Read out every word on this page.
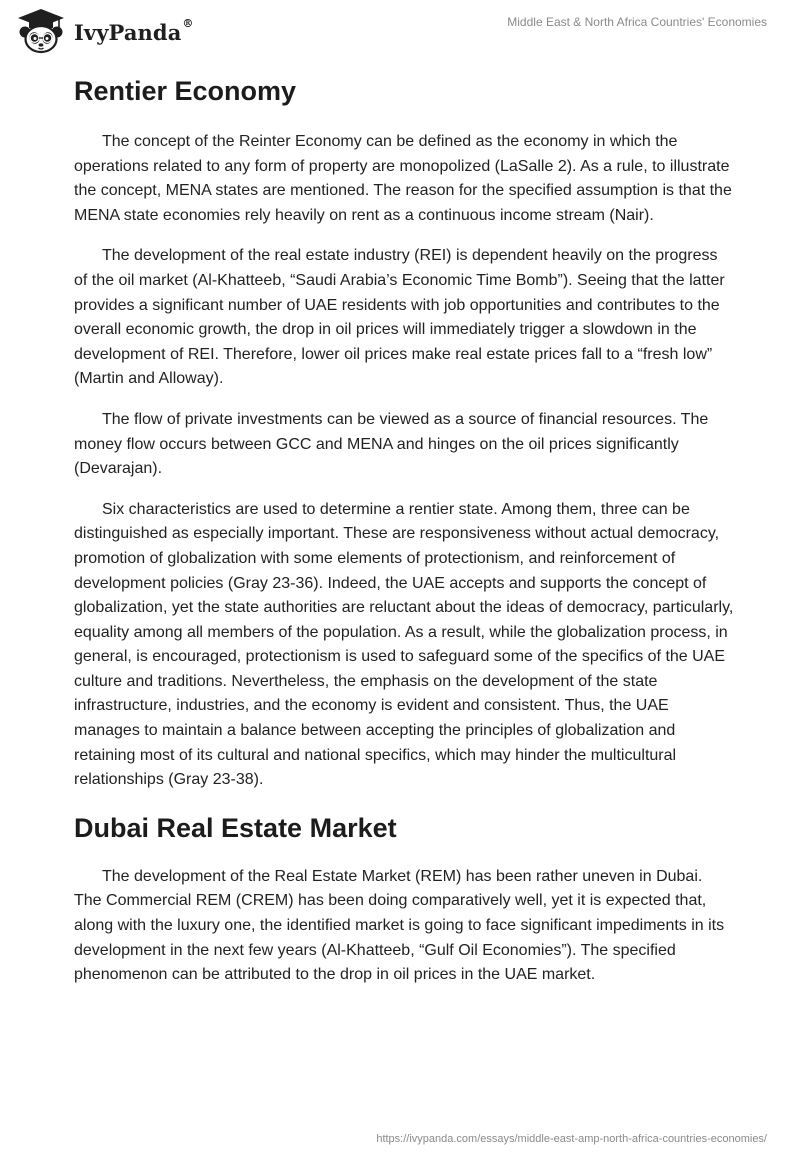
IvyPanda®	Middle East & North Africa Countries' Economies
Rentier Economy

The concept of the Reinter Economy can be defined as the economy in which the operations related to any form of property are monopolized (LaSalle 2). As a rule, to illustrate the concept, MENA states are mentioned. The reason for the specified assumption is that the MENA state economies rely heavily on rent as a continuous income stream (Nair).

The development of the real estate industry (REI) is dependent heavily on the progress of the oil market (Al-Khatteeb, “Saudi Arabia’s Economic Time Bomb”). Seeing that the latter provides a significant number of UAE residents with job opportunities and contributes to the overall economic growth, the drop in oil prices will immediately trigger a slowdown in the development of REI. Therefore, lower oil prices make real estate prices fall to a “fresh low” (Martin and Alloway).

The flow of private investments can be viewed as a source of financial resources. The money flow occurs between GCC and MENA and hinges on the oil prices significantly (Devarajan).

Six characteristics are used to determine a rentier state. Among them, three can be distinguished as especially important. These are responsiveness without actual democracy, promotion of globalization with some elements of protectionism, and reinforcement of development policies (Gray 23-36). Indeed, the UAE accepts and supports the concept of globalization, yet the state authorities are reluctant about the ideas of democracy, particularly, equality among all members of the population. As a result, while the globalization process, in general, is encouraged, protectionism is used to safeguard some of the specifics of the UAE culture and traditions. Nevertheless, the emphasis on the development of the state infrastructure, industries, and the economy is evident and consistent. Thus, the UAE manages to maintain a balance between accepting the principles of globalization and retaining most of its cultural and national specifics, which may hinder the multicultural relationships (Gray 23-38).

Dubai Real Estate Market

The development of the Real Estate Market (REM) has been rather uneven in Dubai. The Commercial REM (CREM) has been doing comparatively well, yet it is expected that, along with the luxury one, the identified market is going to face significant impediments in its development in the next few years (Al-Khatteeb, “Gulf Oil Economies”). The specified phenomenon can be attributed to the drop in oil prices in the UAE market.

https://ivypanda.com/essays/middle-east-amp-north-africa-countries-economies/
